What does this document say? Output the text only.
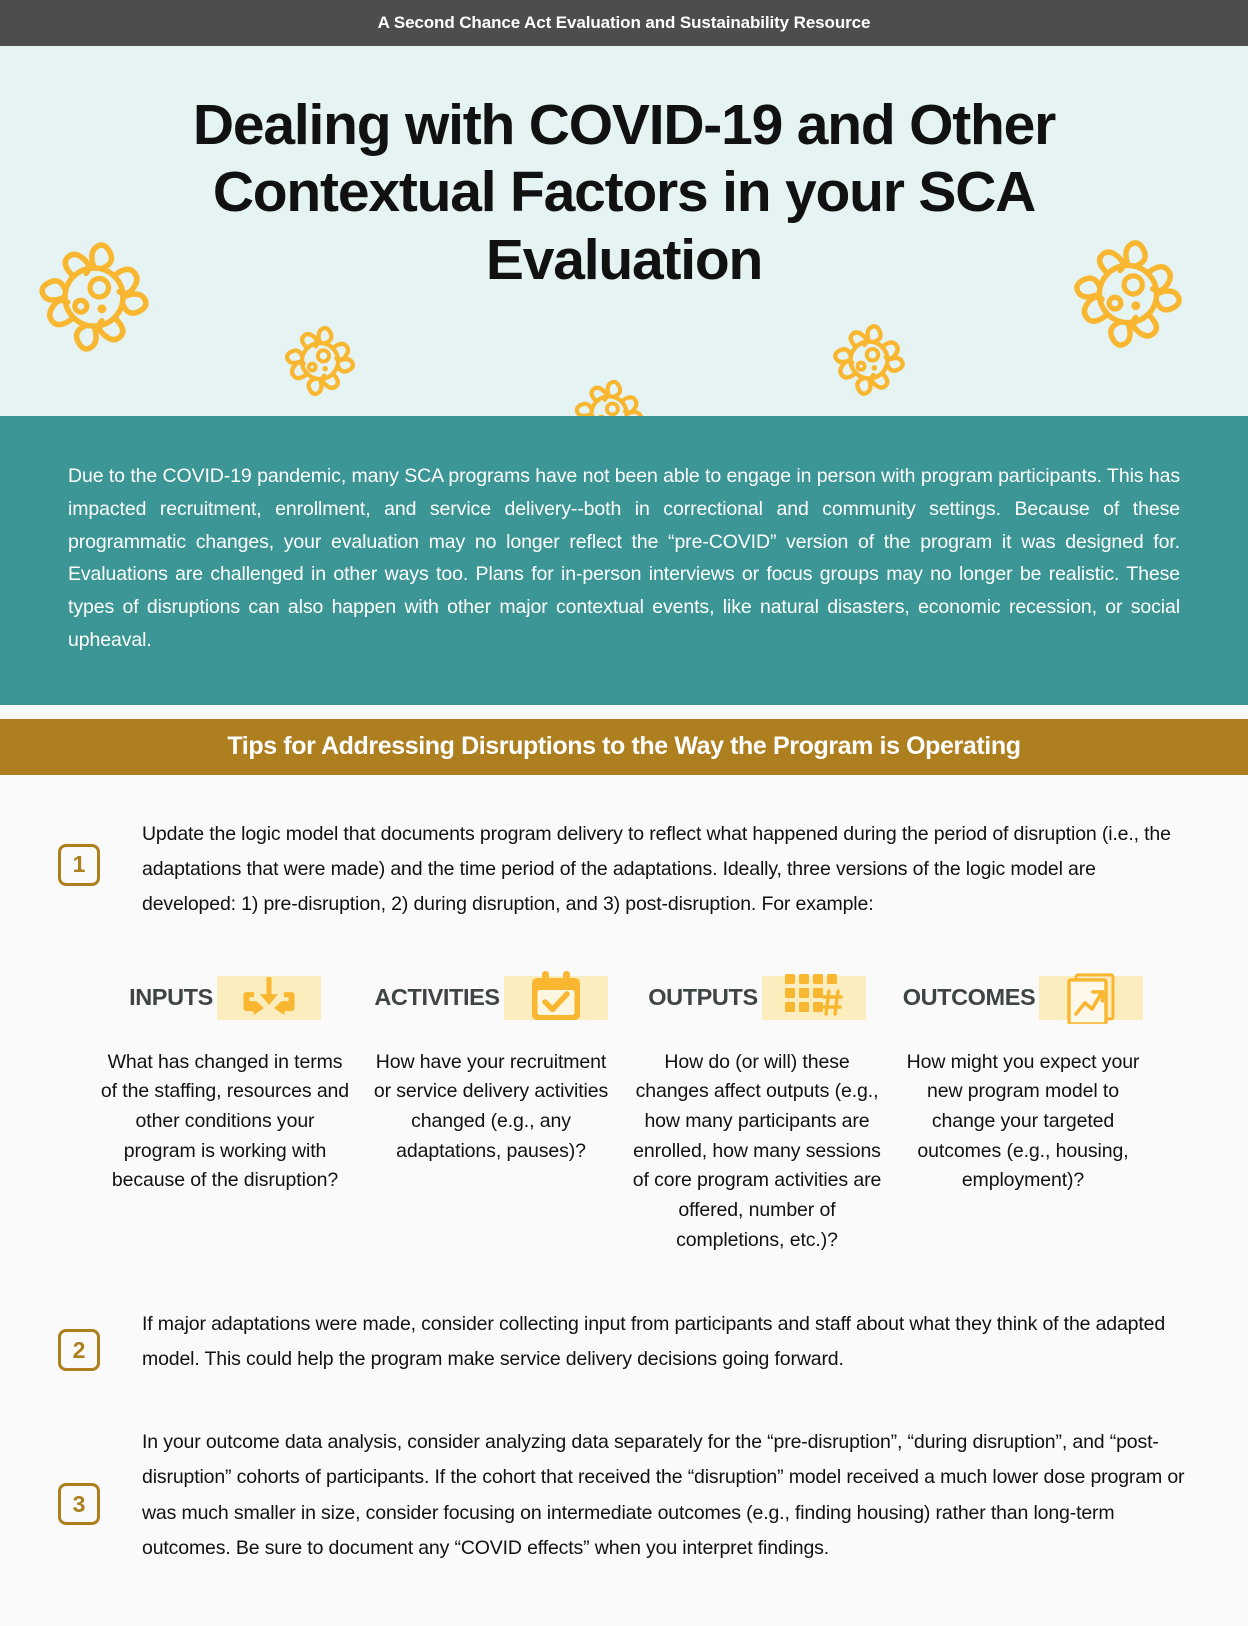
A Second Chance Act Evaluation and Sustainability Resource
Dealing with COVID-19 and Other Contextual Factors in your SCA Evaluation

Due to the COVID-19 pandemic, many SCA programs have not been able to engage in person with program participants. This has impacted recruitment, enrollment, and service delivery--both in correctional and community settings. Because of these programmatic changes, your evaluation may no longer reflect the “pre-COVID” version of the program it was designed for. Evaluations are challenged in other ways too. Plans for in-person interviews or focus groups may no longer be realistic. These types of disruptions can also happen with other major contextual events, like natural disasters, economic recession, or social upheaval.

Tips for Addressing Disruptions to the Way the Program is Operating
1
Update the logic model that documents program delivery to reflect what happened during the period of disruption (i.e., the adaptations that were made) and the time period of the adaptations. Ideally, three versions of the logic model are developed: 1) pre-disruption, 2) during disruption, and 3) post-disruption. For example:
INPUTS
What has changed in terms of the staffing, resources and other conditions your program is working with because of the disruption?
ACTIVITIES
How have your recruitment or service delivery activities changed (e.g., any adaptations, pauses)?
OUTPUTS
How do (or will) these changes affect outputs (e.g., how many participants are enrolled, how many sessions of core program activities are offered, number of completions, etc.)?
OUTCOMES
How might you expect your new program model to change your targeted outcomes (e.g., housing, employment)?
2
If major adaptations were made, consider collecting input from participants and staff about what they think of the adapted model. This could help the program make service delivery decisions going forward.
3
In your outcome data analysis, consider analyzing data separately for the “pre-disruption”, “during disruption”, and “post-disruption” cohorts of participants. If the cohort that received the “disruption” model received a much lower dose program or was much smaller in size, consider focusing on intermediate outcomes (e.g., finding housing) rather than long-term outcomes. Be sure to document any “COVID effects” when you interpret findings.
